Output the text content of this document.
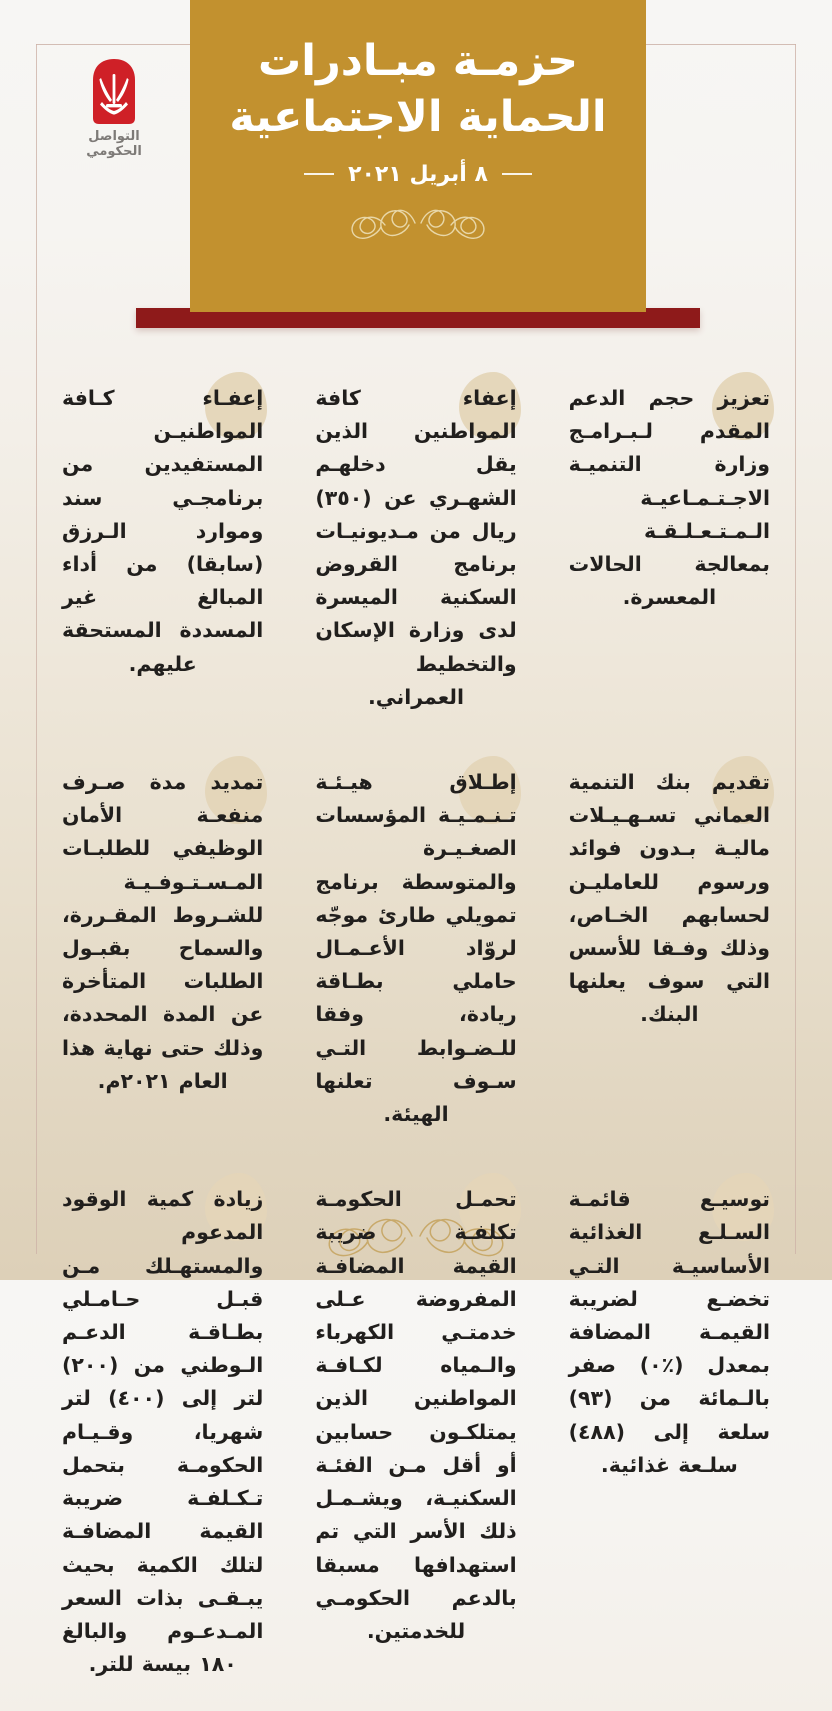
التواصل
الحكومي
حزمـة مبـادرات
الحماية الاجتماعية
٨ أبريل ٢٠٢١

تعزيز حجم الدعم المقدم لـبـرامـج وزارة التنميـة الاجـتـمـاعيـة الـمـتـعـلـقـة بمعالجة الحالات المعسرة.

إعفاء كافة المواطنين الذين يقل دخلهـم الشهـري عن (٣٥٠) ريال من مـديونيـات برنامج القروض السكنية الميسرة لدى وزارة الإسكان والتخطيط العمراني.

إعفـاء كـافة المواطنيـن المستفيدين من برنامجـي سند وموارد الـرزق (سابقا) من أداء المبالغ غير المسددة المستحقة عليهم.

تقديم بنك التنمية العماني تسـهـيـلات ماليـة بـدون فوائد ورسوم للعامليـن لحسابهم الخـاص، وذلك وفـقا للأسس التي سوف يعلنها البنك.

إطـلاق هيـئـة تـنـمـيـة المؤسسات الصغـيـرة والمتوسطة برنامج تمويلي طارئ موجّه لروّاد الأعـمـال حاملي بطـاقة ريادة، وفقا للـضـوابط التـي سـوف تعلنها الهيئة.

تمديد مدة صـرف منفعـة الأمان الوظيفي للطلبـات المـسـتـوفـيـة للشـروط المقـررة، والسماح بقبـول الطلبات المتأخرة عن المدة المحددة، وذلك حتى نهاية هذا العام ٢٠٢١م.

توسيـع قائمـة السـلـع الغذائية الأساسيـة التـي تخضـع لضريبة القيمـة المضافة بمعدل (٪٠) صفر بالـمائة من (٩٣) سلعة إلى (٤٨٨) سلـعة غذائية.

تحمـل الحكومـة تكلفـة ضريبة القيمة المضافـة المفروضة عـلى خدمتـي الكهرباء والـمياه لكـافـة المواطنين الذين يمتلكـون حسابين أو أقل مـن الفئـة السكنيـة، ويشـمـل ذلك الأسر التي تم استهدافها مسبقا بالدعم الحكومـي للخدمتين.

زيادة كمية الوقود المدعوم والمستهـلك مـن قبـل حـامـلي بطـاقـة الدعـم الـوطني من (٢٠٠) لتر إلى (٤٠٠) لتر شهريا، وقـيـام الحكومـة بتحمل تـكـلفـة ضريبة القيمة المضافـة لتلك الكمية بحيث يبـقـى بذات السعر المـدعـوم والبالغ ١٨٠ بيسة للتر.
